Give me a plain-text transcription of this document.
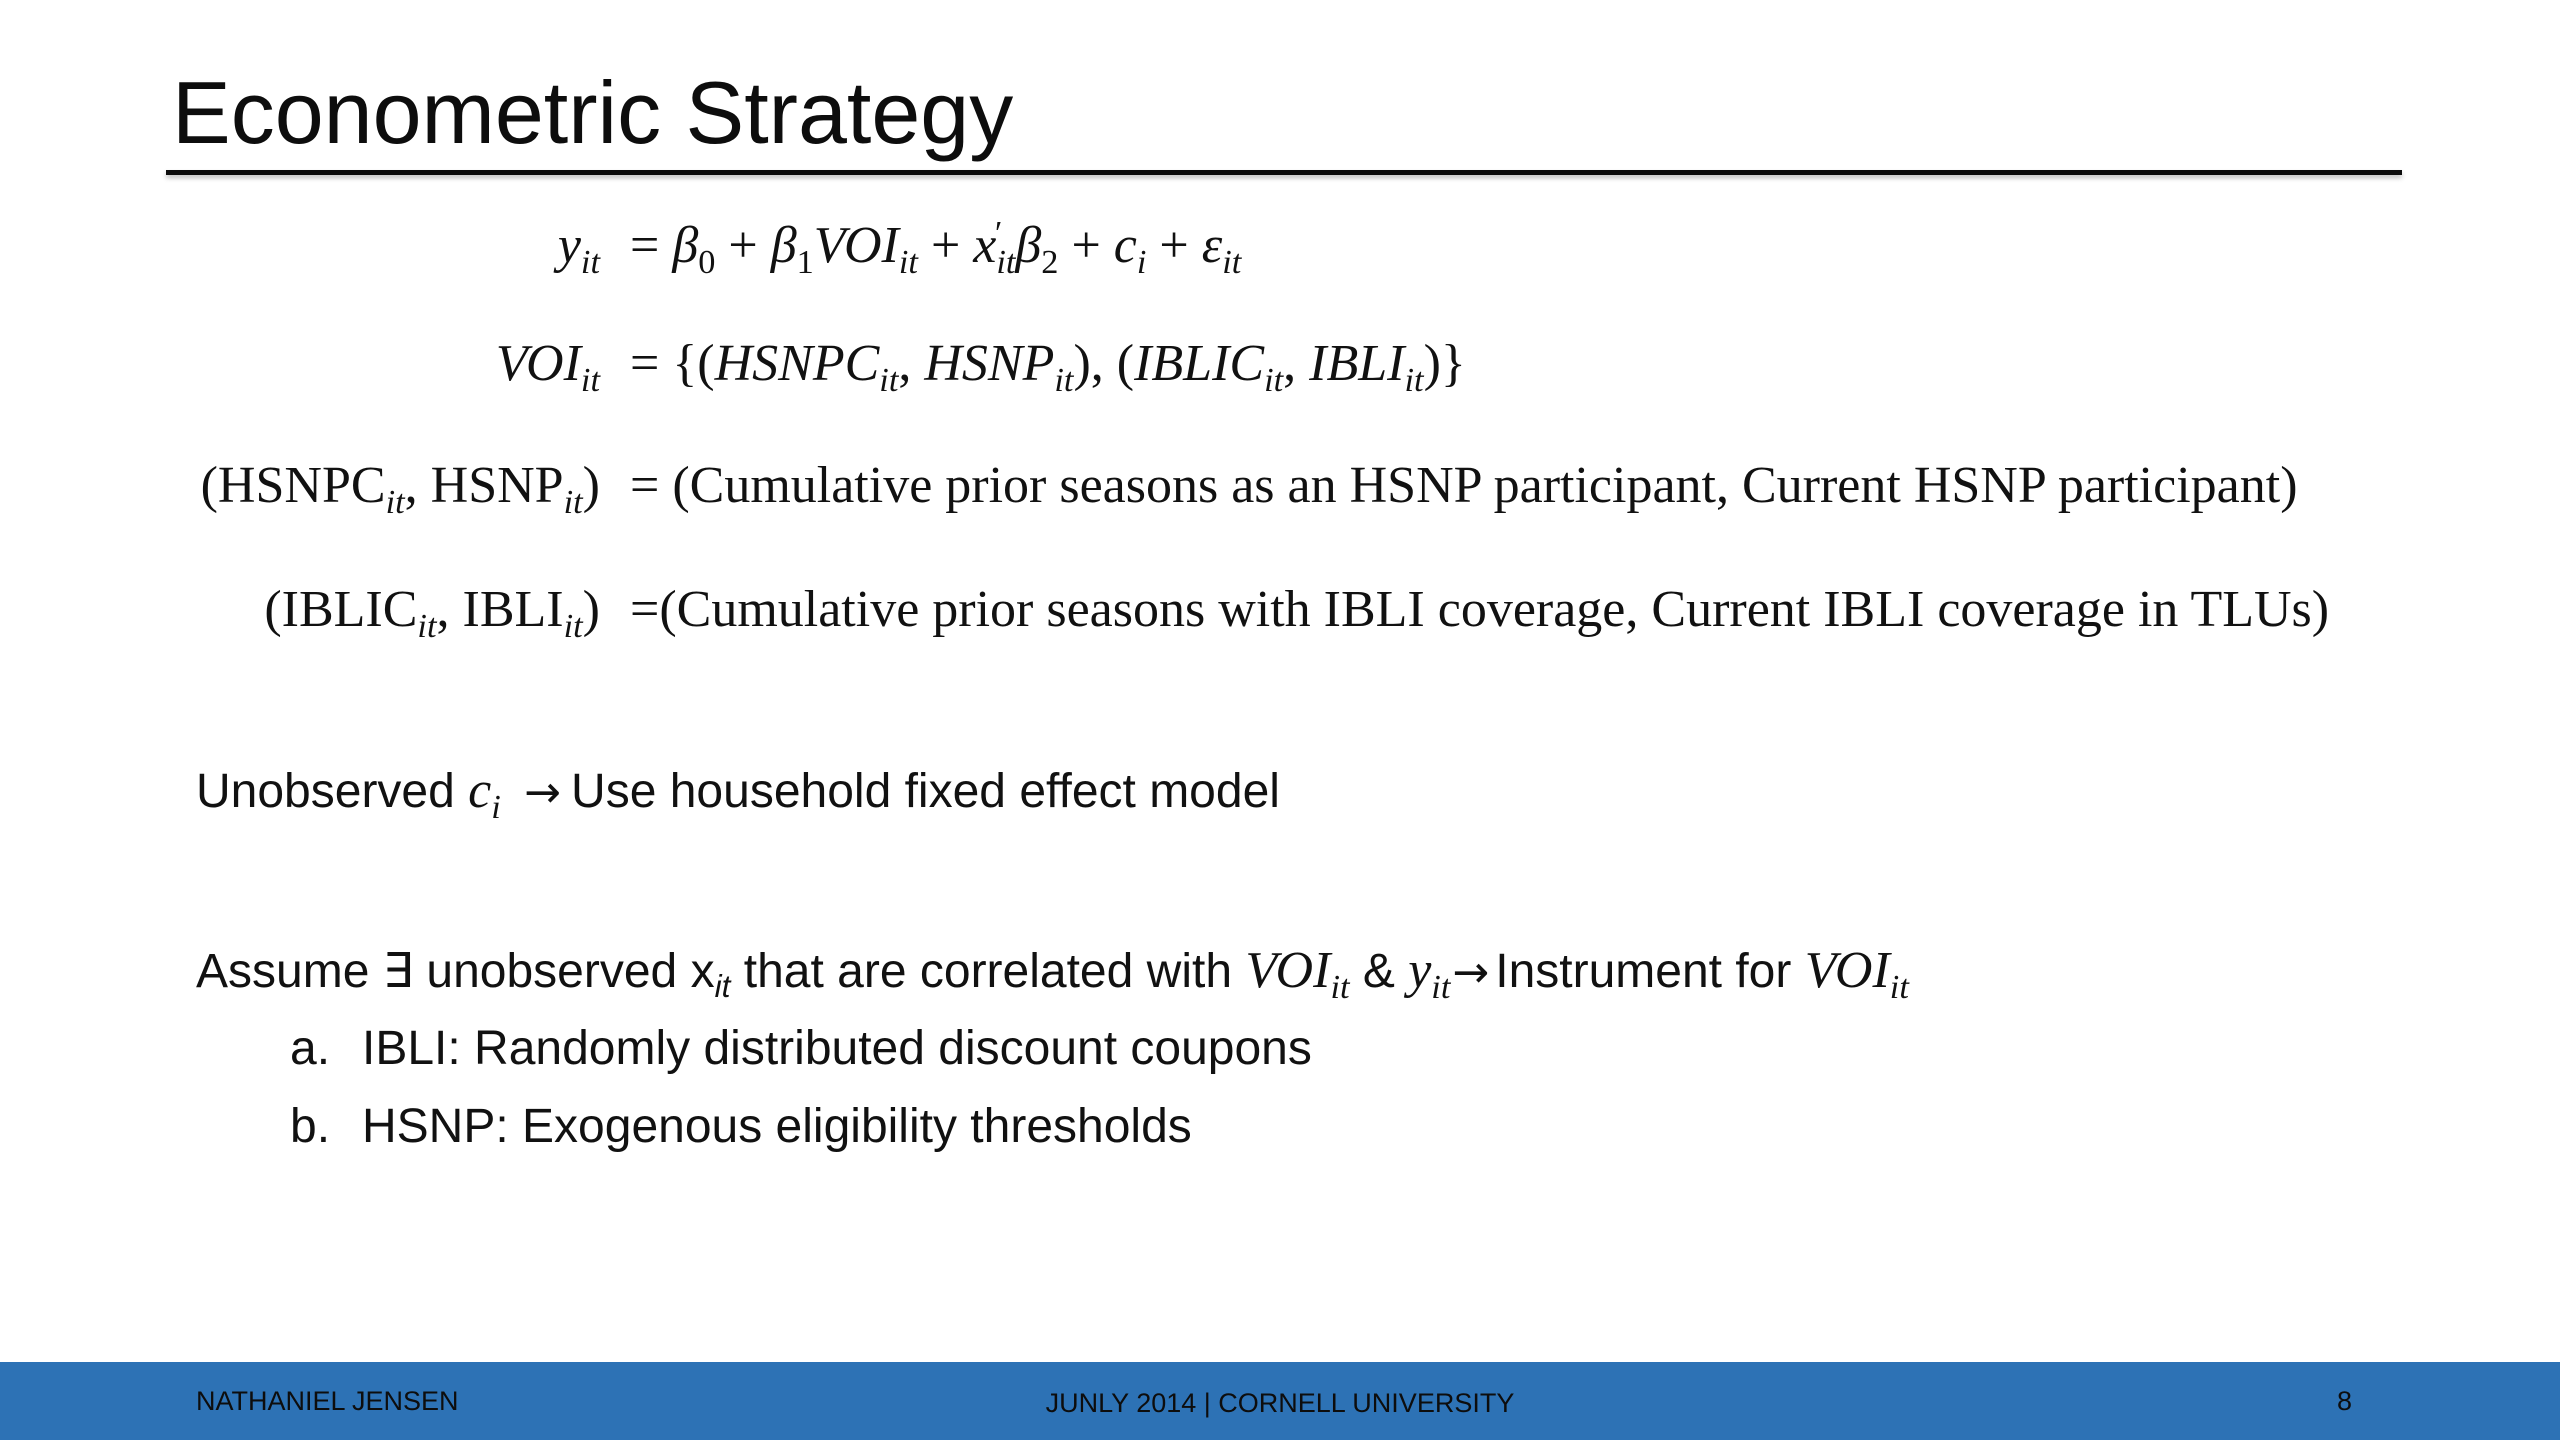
Econometric Strategy
$y_{it} = \beta_0 + \beta_1VOI_{it} + x_{it}'$ $\beta_2 + c_i + \varepsilon_{it}$
$VOI_{it}$ = {($HSNPC_{it}$, $HSNP_{it}$), ($IBLIC_{it}$, $IBLI_{it}$)}
($HSNPC_{it}$, $HSNP_{it}$) = (Cumulative prior seasons as an HSNP participant, Current HSNP participant)
($IBLIC_{it}$, $IBLI_{it}$) =(Cumulative prior seasons with IBLI coverage, Current IBLI coverage in TLUs)
Unobserved $c_i$ → Use household fixed effect model
Assume ∃ unobserved $x_{it}$ that are correlated with $VOI_{it}$ & $y_{it}\to$ Instrument for $VOI_{it}$
a. IBLI: Randomly distributed discount coupons
b. HSNP: Exogenous eligibility thresholds
NATHANIEL JENSEN	JUNLY 2014 | CORNELL UNIVERSITY	8
